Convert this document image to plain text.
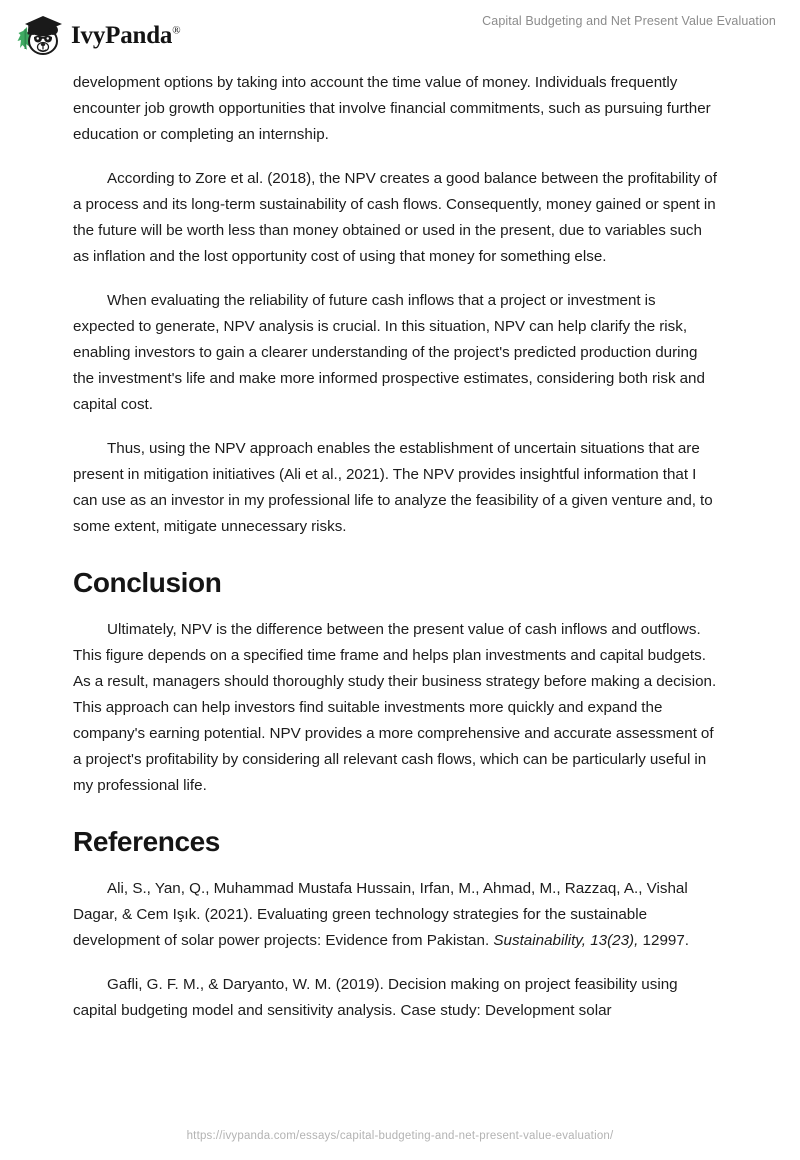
IvyPanda®
Capital Budgeting and Net Present Value Evaluation

development options by taking into account the time value of money. Individuals frequently encounter job growth opportunities that involve financial commitments, such as pursuing further education or completing an internship.

According to Zore et al. (2018), the NPV creates a good balance between the profitability of a process and its long-term sustainability of cash flows. Consequently, money gained or spent in the future will be worth less than money obtained or used in the present, due to variables such as inflation and the lost opportunity cost of using that money for something else.

When evaluating the reliability of future cash inflows that a project or investment is expected to generate, NPV analysis is crucial. In this situation, NPV can help clarify the risk, enabling investors to gain a clearer understanding of the project's predicted production during the investment's life and make more informed prospective estimates, considering both risk and capital cost.

Thus, using the NPV approach enables the establishment of uncertain situations that are present in mitigation initiatives (Ali et al., 2021). The NPV provides insightful information that I can use as an investor in my professional life to analyze the feasibility of a given venture and, to some extent, mitigate unnecessary risks.

Conclusion

Ultimately, NPV is the difference between the present value of cash inflows and outflows. This figure depends on a specified time frame and helps plan investments and capital budgets. As a result, managers should thoroughly study their business strategy before making a decision. This approach can help investors find suitable investments more quickly and expand the company's earning potential. NPV provides a more comprehensive and accurate assessment of a project's profitability by considering all relevant cash flows, which can be particularly useful in my professional life.

References

Ali, S., Yan, Q., Muhammad Mustafa Hussain, Irfan, M., Ahmad, M., Razzaq, A., Vishal Dagar, & Cem Işık. (2021). Evaluating green technology strategies for the sustainable development of solar power projects: Evidence from Pakistan. Sustainability, 13(23), 12997.

Gafli, G. F. M., & Daryanto, W. M. (2019). Decision making on project feasibility using capital budgeting model and sensitivity analysis. Case study: Development solar

https://ivypanda.com/essays/capital-budgeting-and-net-present-value-evaluation/
